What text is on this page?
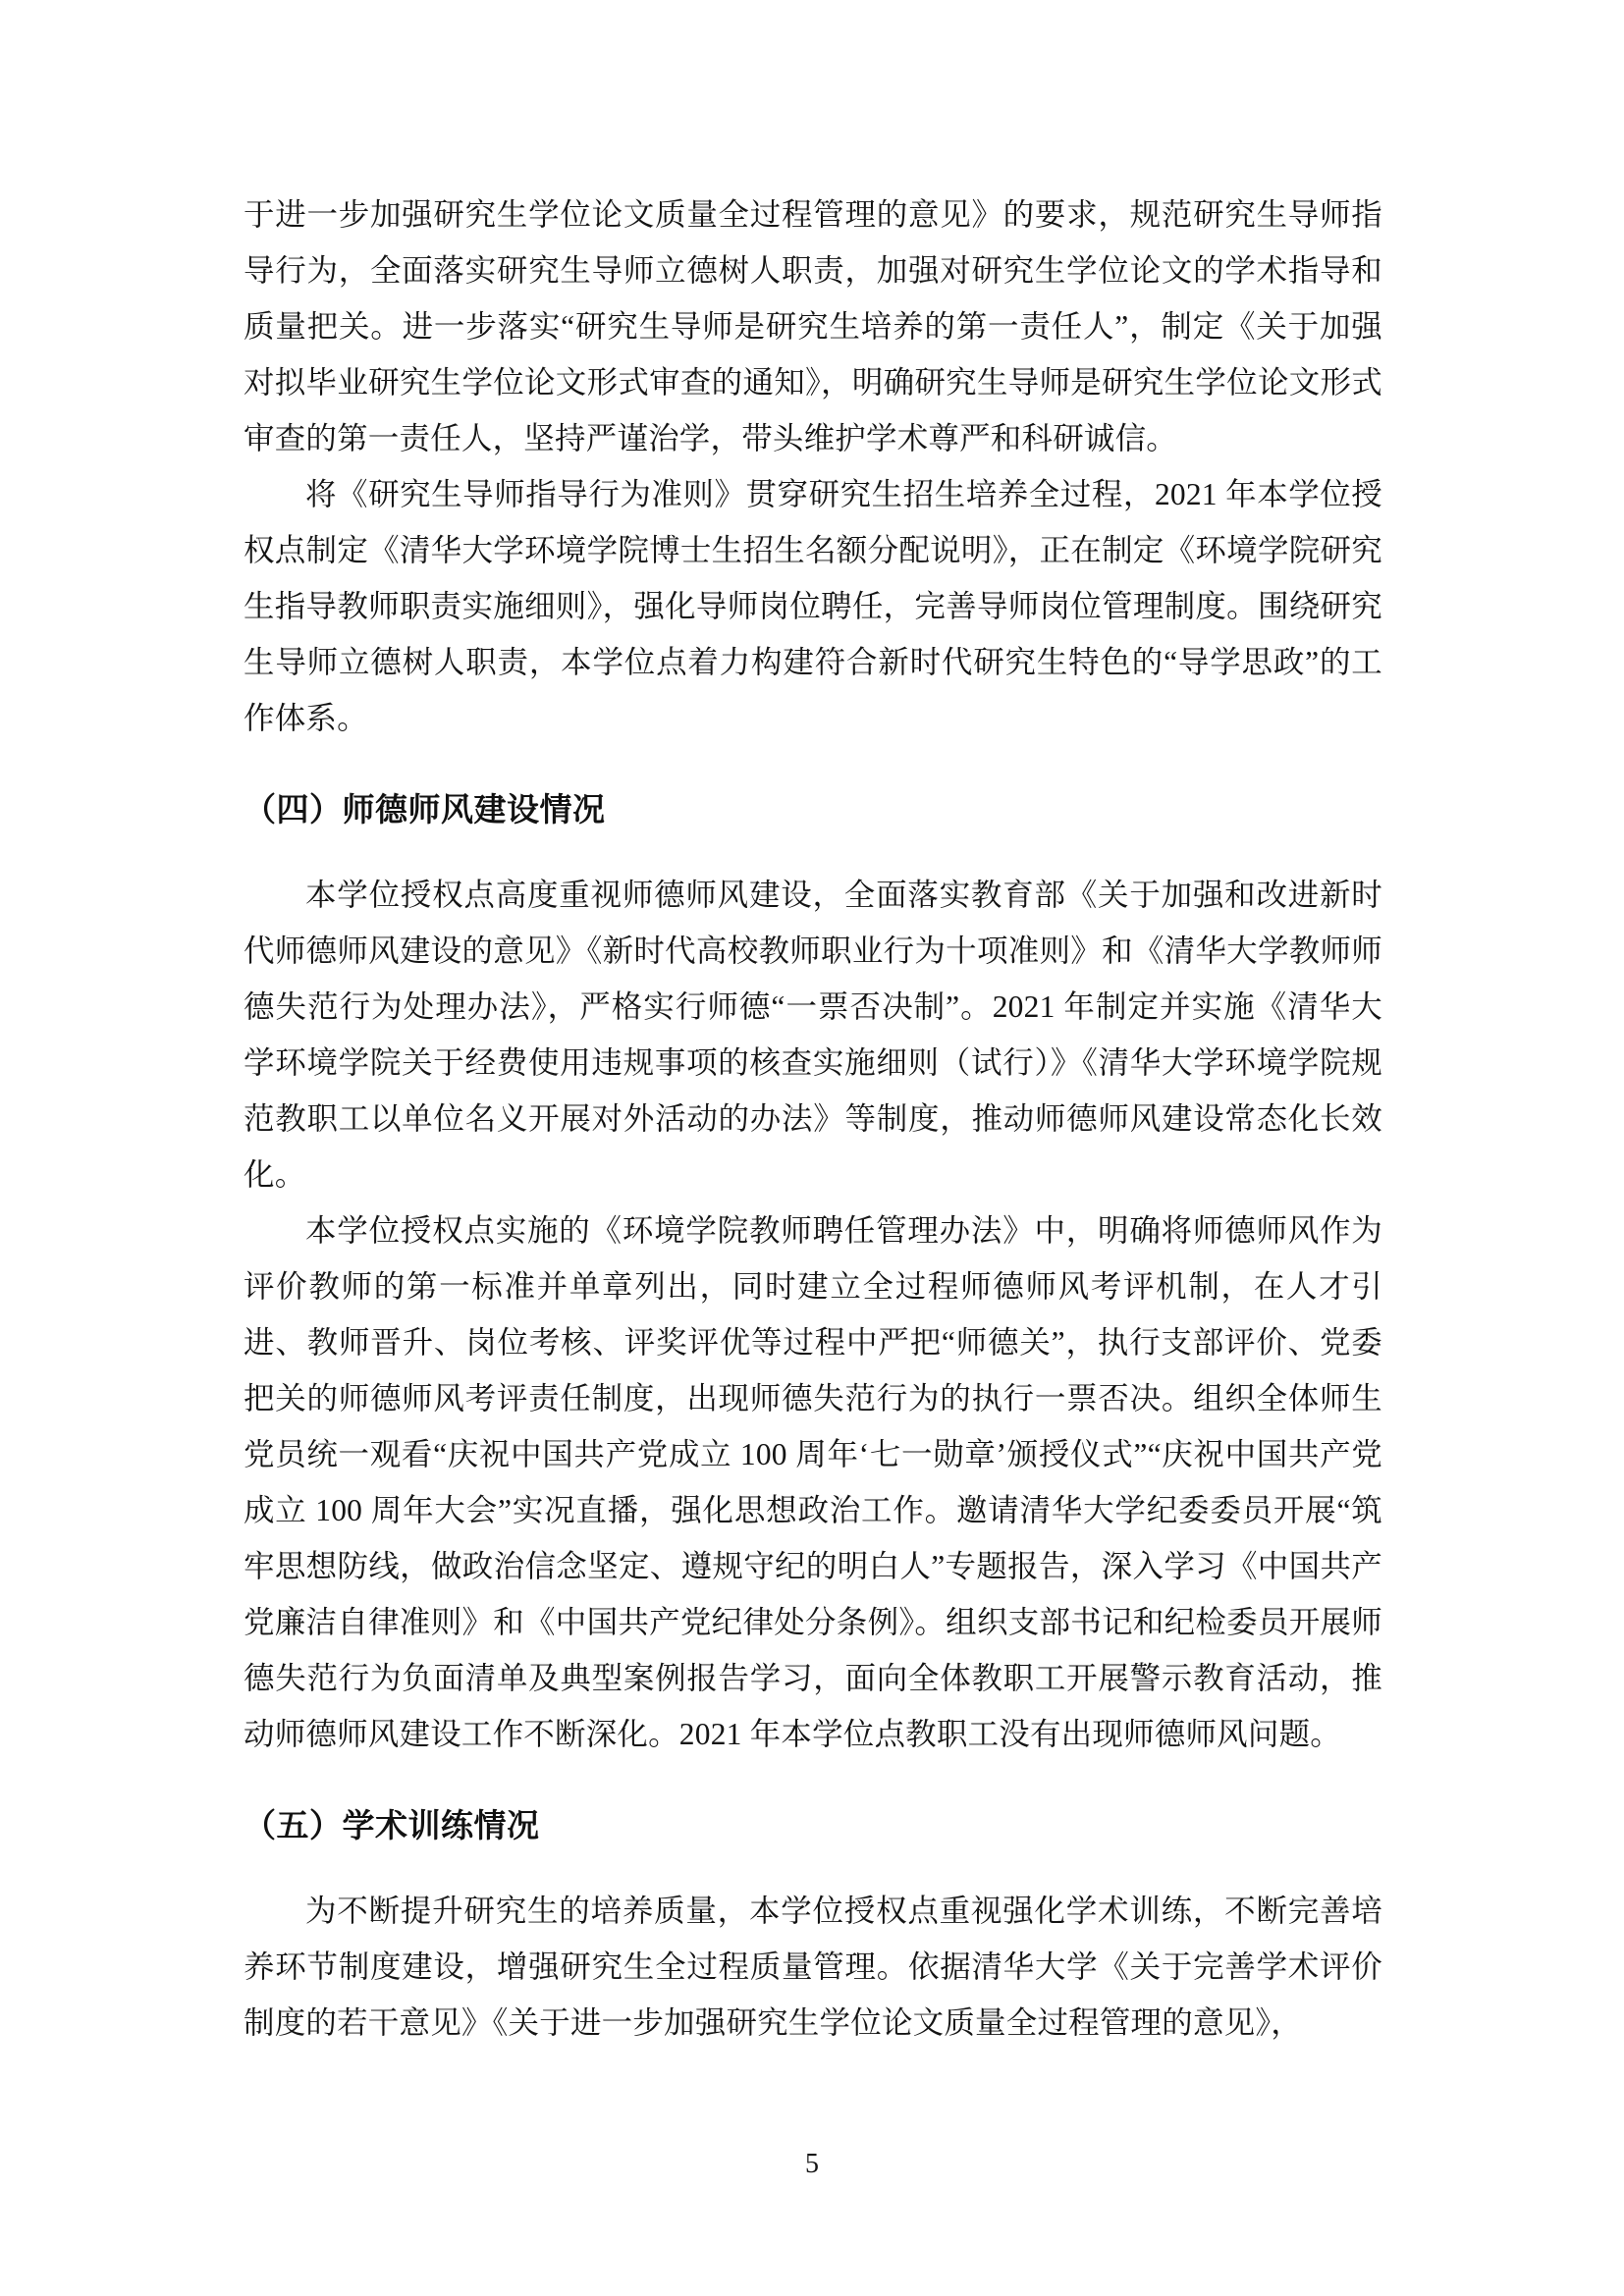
于进一步加强研究生学位论文质量全过程管理的意见》的要求，规范研究生导师指导行为，全面落实研究生导师立德树人职责，加强对研究生学位论文的学术指导和质量把关。进一步落实“研究生导师是研究生培养的第一责任人”，制定《关于加强对拟毕业研究生学位论文形式审查的通知》，明确研究生导师是研究生学位论文形式审查的第一责任人，坚持严谨治学，带头维护学术尊严和科研诚信。

将《研究生导师指导行为准则》贯穿研究生招生培养全过程，2021 年本学位授权点制定《清华大学环境学院博士生招生名额分配说明》，正在制定《环境学院研究生指导教师职责实施细则》，强化导师岗位聘任，完善导师岗位管理制度。围绕研究生导师立德树人职责，本学位点着力构建符合新时代研究生特色的“导学思政”的工作体系。

（四）师德师风建设情况

本学位授权点高度重视师德师风建设，全面落实教育部《关于加强和改进新时代师德师风建设的意见》《新时代高校教师职业行为十项准则》和《清华大学教师师德失范行为处理办法》，严格实行师德“一票否决制”。2021 年制定并实施《清华大学环境学院关于经费使用违规事项的核查实施细则（试行）》《清华大学环境学院规范教职工以单位名义开展对外活动的办法》等制度，推动师德师风建设常态化长效化。

本学位授权点实施的《环境学院教师聘任管理办法》中，明确将师德师风作为评价教师的第一标准并单章列出，同时建立全过程师德师风考评机制，在人才引进、教师晋升、岗位考核、评奖评优等过程中严把“师德关”，执行支部评价、党委把关的师德师风考评责任制度，出现师德失范行为的执行一票否决。组织全体师生党员统一观看“庆祝中国共产党成立 100 周年‘七一勋章’颁授仪式”“庆祝中国共产党成立 100 周年大会”实况直播，强化思想政治工作。邀请清华大学纪委委员开展“筑牢思想防线，做政治信念坚定、遵规守纪的明白人”专题报告，深入学习《中国共产党廉洁自律准则》和《中国共产党纪律处分条例》。组织支部书记和纪检委员开展师德失范行为负面清单及典型案例报告学习，面向全体教职工开展警示教育活动，推动师德师风建设工作不断深化。2021 年本学位点教职工没有出现师德师风问题。

（五）学术训练情况

为不断提升研究生的培养质量，本学位授权点重视强化学术训练，不断完善培养环节制度建设，增强研究生全过程质量管理。依据清华大学《关于完善学术评价制度的若干意见》《关于进一步加强研究生学位论文质量全过程管理的意见》，

5
